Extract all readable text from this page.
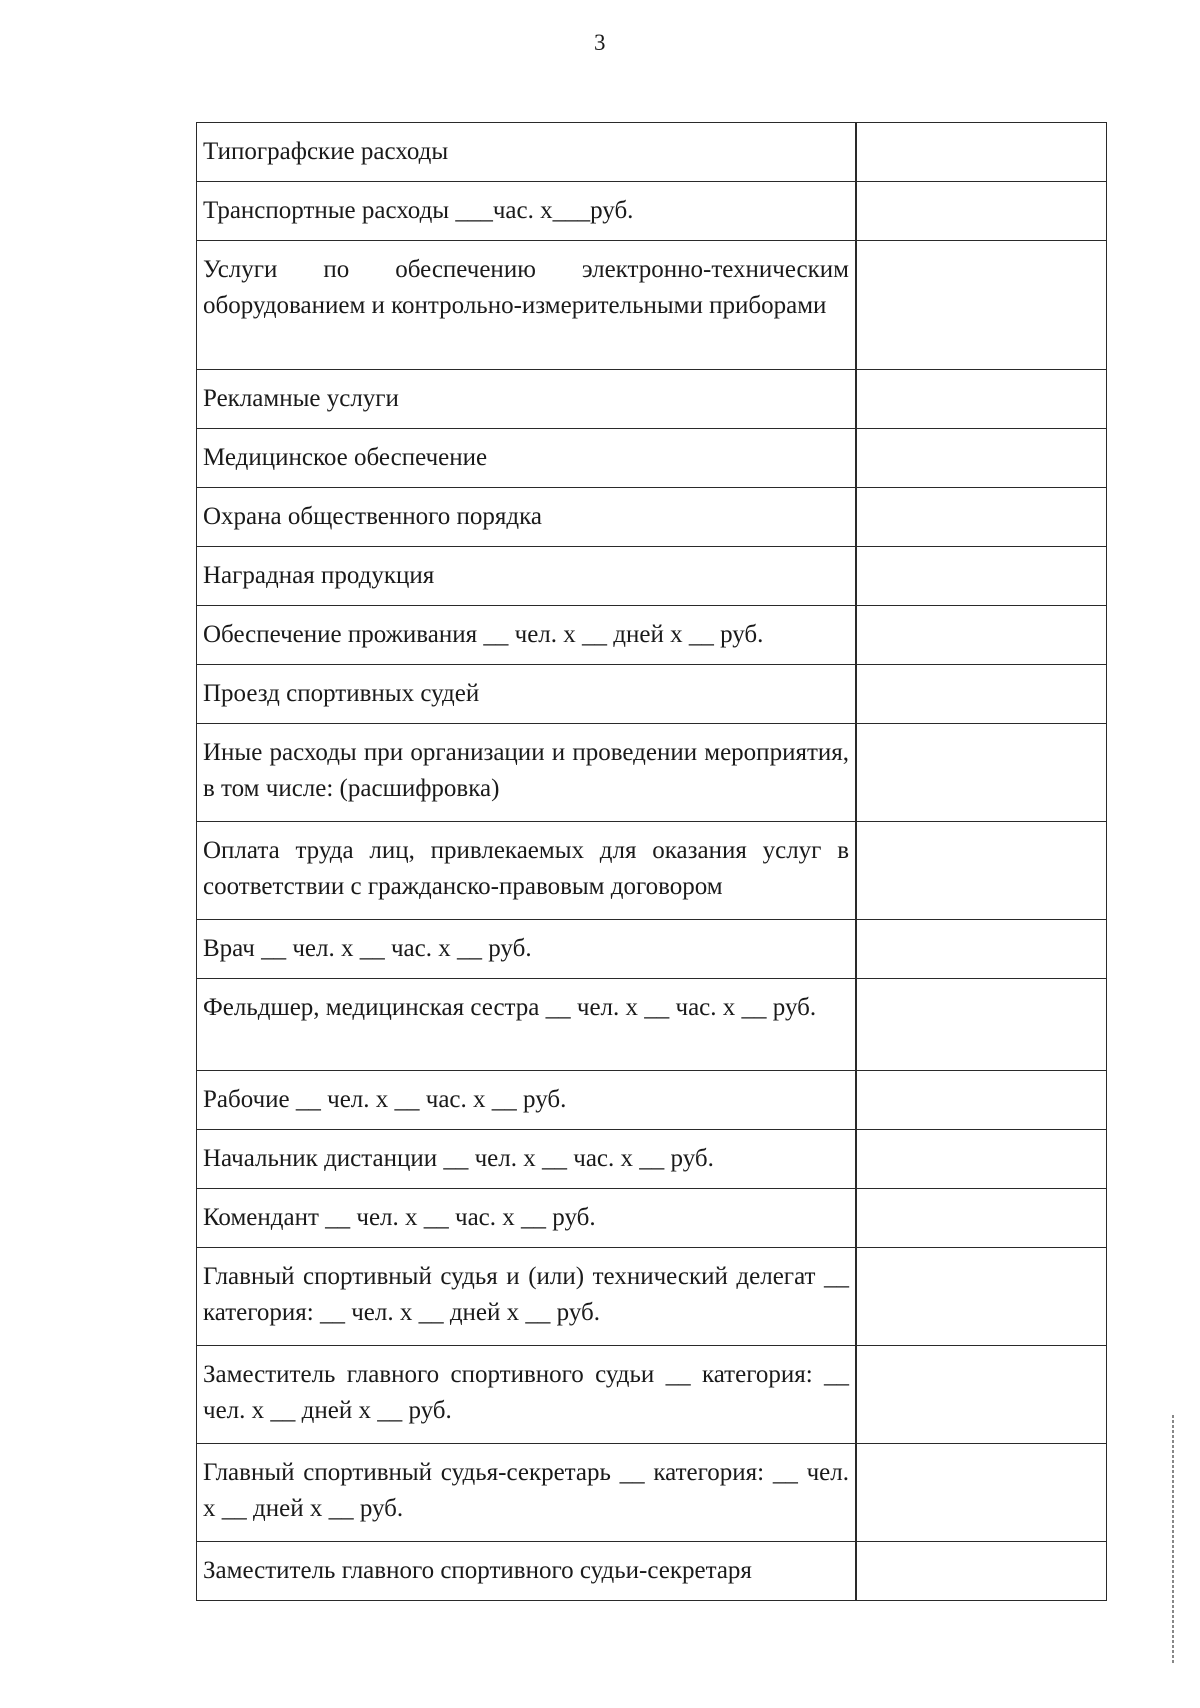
3
Типографские расходы	
Транспортные расходы ___час. х___руб.	
Услуги по обеспечению электронно-техническим оборудованием и контрольно-измерительными приборами	
Рекламные услуги	
Медицинское обеспечение	
Охрана общественного порядка	
Наградная продукция	
Обеспечение проживания __ чел. х __ дней х __ руб.	
Проезд спортивных судей	
Иные расходы при организации и проведении мероприятия, в том числе: (расшифровка)	
Оплата труда лиц, привлекаемых для оказания услуг в соответствии с гражданско-правовым договором	
Врач __ чел. х __ час. х __ руб.	
Фельдшер, медицинская сестра __ чел. х __ час. х __ руб.	
Рабочие __ чел. х __ час. х __ руб.	
Начальник дистанции __ чел. х __ час. х __ руб.	
Комендант __ чел. х __ час. х __ руб.	
Главный спортивный судья и (или) технический делегат __ категория: __ чел. х __ дней х __ руб.	
Заместитель главного спортивного судьи __ категория: __ чел. х __ дней х __ руб.	
Главный спортивный судья-секретарь __ категория: __ чел. х __ дней х __ руб.	
Заместитель главного спортивного судьи-секретаря	
